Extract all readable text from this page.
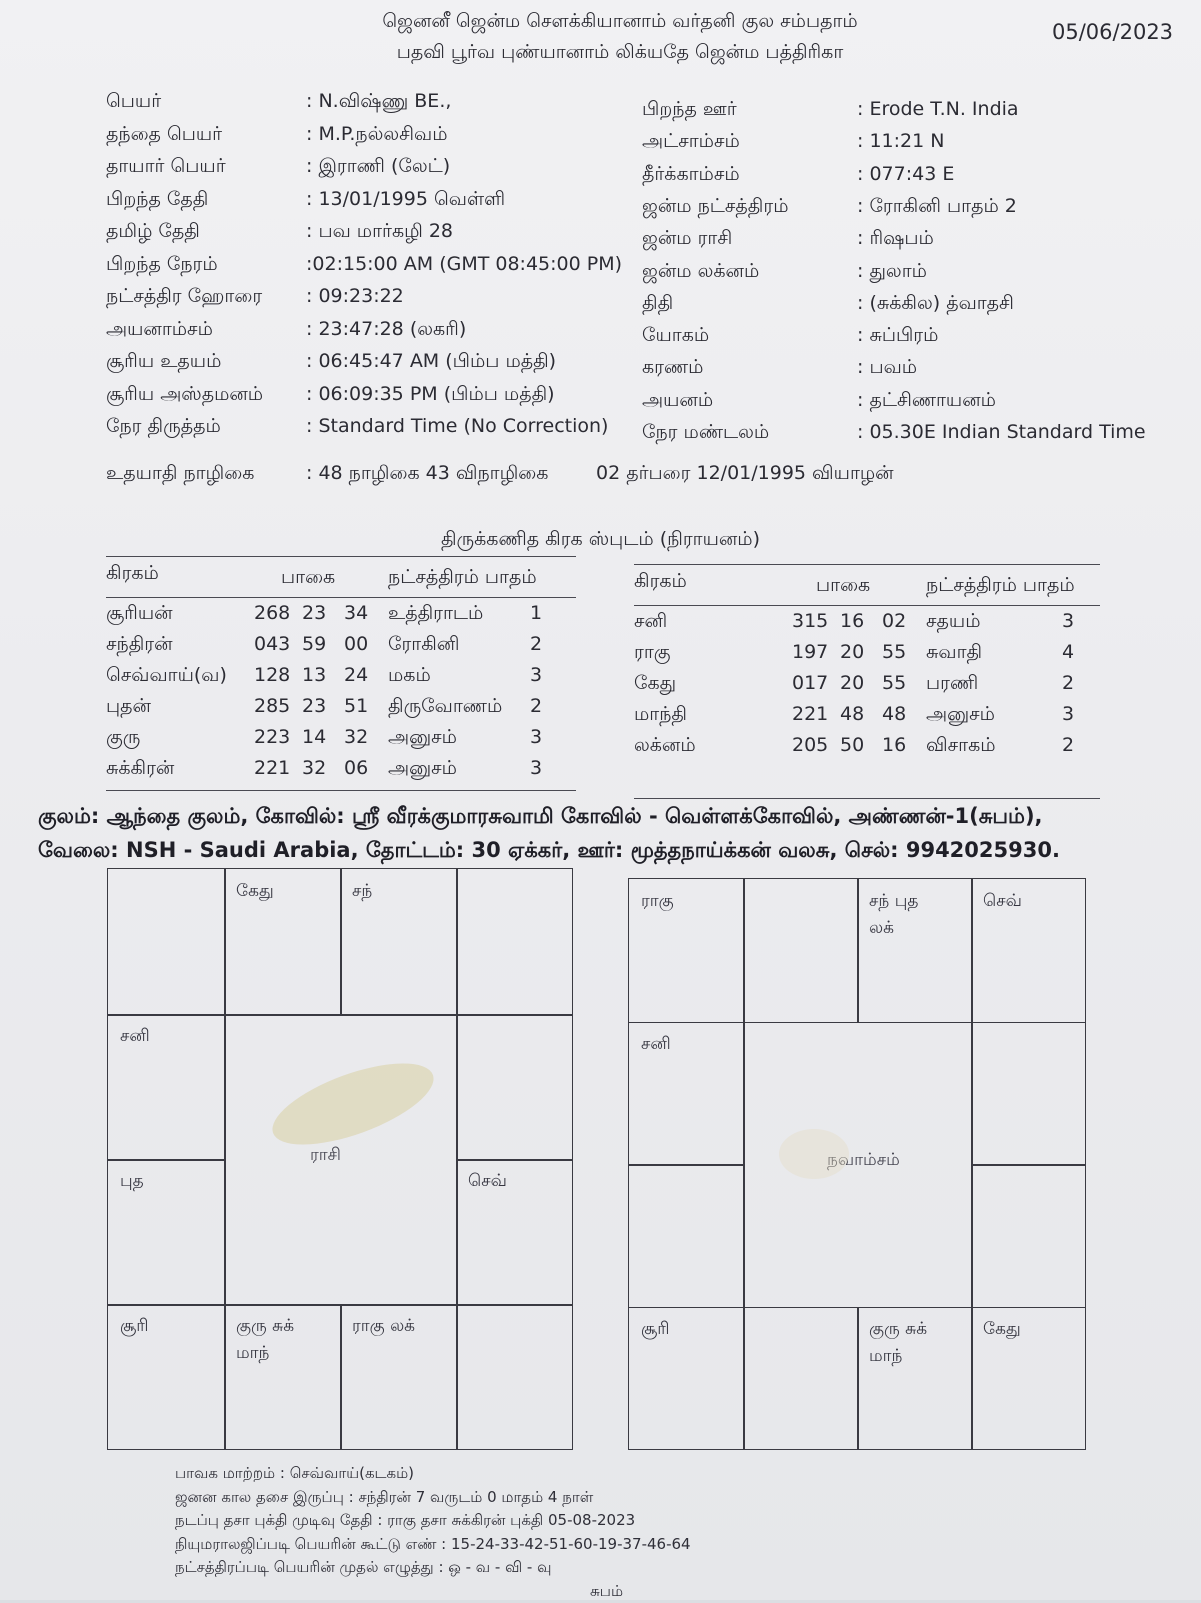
ஜெனனீ ஜென்ம சௌக்கியானாம் வர்தனி குல சம்பதாம்
பதவி பூர்வ புண்யானாம் லிக்யதே ஜென்ம பத்திரிகா
05/06/2023
பெயர்	: N.விஷ்ணு BE.,
தந்தை பெயர்	: M.P.நல்லசிவம்
தாயார் பெயர்	: இராணி (லேட்)
பிறந்த தேதி	: 13/01/1995 வெள்ளி
தமிழ் தேதி	: பவ மார்கழி 28
பிறந்த நேரம்	:02:15:00 AM (GMT 08:45:00 PM)
நட்சத்திர ஹோரை : 09:23:22
அயனாம்சம்	: 23:47:28 (லகரி)
சூரிய உதயம்	: 06:45:47 AM (பிம்ப மத்தி)
சூரிய அஸ்தமனம் : 06:09:35 PM (பிம்ப மத்தி)
நேர திருத்தம்	: Standard Time (No Correction)
பிறந்த ஊர்	: Erode T.N. India
அட்சாம்சம்	: 11:21 N
தீர்க்காம்சம்	: 077:43 E
ஜன்ம நட்சத்திரம்	: ரோகினி பாதம் 2
ஜன்ம ராசி	: ரிஷபம்
ஜன்ம லக்னம்	: துலாம்
திதி	: (சுக்கில) த்வாதசி
யோகம்	: சுப்பிரம்
கரணம்	: பவம்
அயனம்	: தட்சிணாயனம்
நேர மண்டலம்	: 05.30E Indian Standard Time
உதயாதி நாழிகை	: 48 நாழிகை 43 விநாழிகை	02 தர்பரை 12/01/1995 வியாழன்
திருக்கணித கிரக ஸ்புடம் (நிராயனம்)
கிரகம்	பாகை	நட்சத்திரம் பாதம்
சூரியன்	268 23 34 உத்திராடம் 1
சந்திரன்	043 59 00 ரோகினி	2
செவ்வாய்(வ) 128 13 24 மகம்	3
புதன்	285 23 51 திருவோணம் 2
குரு	223 14 32 அனுசம்	3
சுக்கிரன்	221 32 06 அனுசம்	3
கிரகம்	பாகை	நட்சத்திரம் பாதம்
சனி	315 16 02 சதயம்	3
ராகு	197 20 55 சுவாதி	4
கேது	017 20 55 பரணி	2
மாந்தி	221 48 48 அனுசம்	3
லக்னம்	205 50 16 விசாகம்	2
குலம்: ஆந்தை குலம், கோவில்: ஸ்ரீ வீரக்குமாரசுவாமி கோவில் - வெள்ளக்கோவில், அண்ணன்-1(சுபம்),
வேலை: NSH - Saudi Arabia, தோட்டம்: 30 ஏக்கர், ஊர்: மூத்தநாய்க்கன் வலசு, செல்: 9942025930.
கேது	சந்
சனி
புத	செவ்
சூரி	குரு சுக்
மாந்
ராகு லக்
ராசி
ராகு	சந் புத
லக்
செவ்
சனி
சூரி	குரு சுக்
மாந்
கேது
நவாம்சம்
பாவக மாற்றம் : செவ்வாய்(கடகம்)
ஜனன கால தசை இருப்பு : சந்திரன் 7 வருடம் 0 மாதம் 4 நாள்
நடப்பு தசா புக்தி முடிவு தேதி : ராகு தசா சுக்கிரன் புக்தி 05-08-2023
நியுமராலஜிப்படி பெயரின் கூட்டு எண் : 15-24-33-42-51-60-19-37-46-64
நட்சத்திரப்படி பெயரின் முதல் எழுத்து : ஒ - வ - வி - வு
சுபம்
